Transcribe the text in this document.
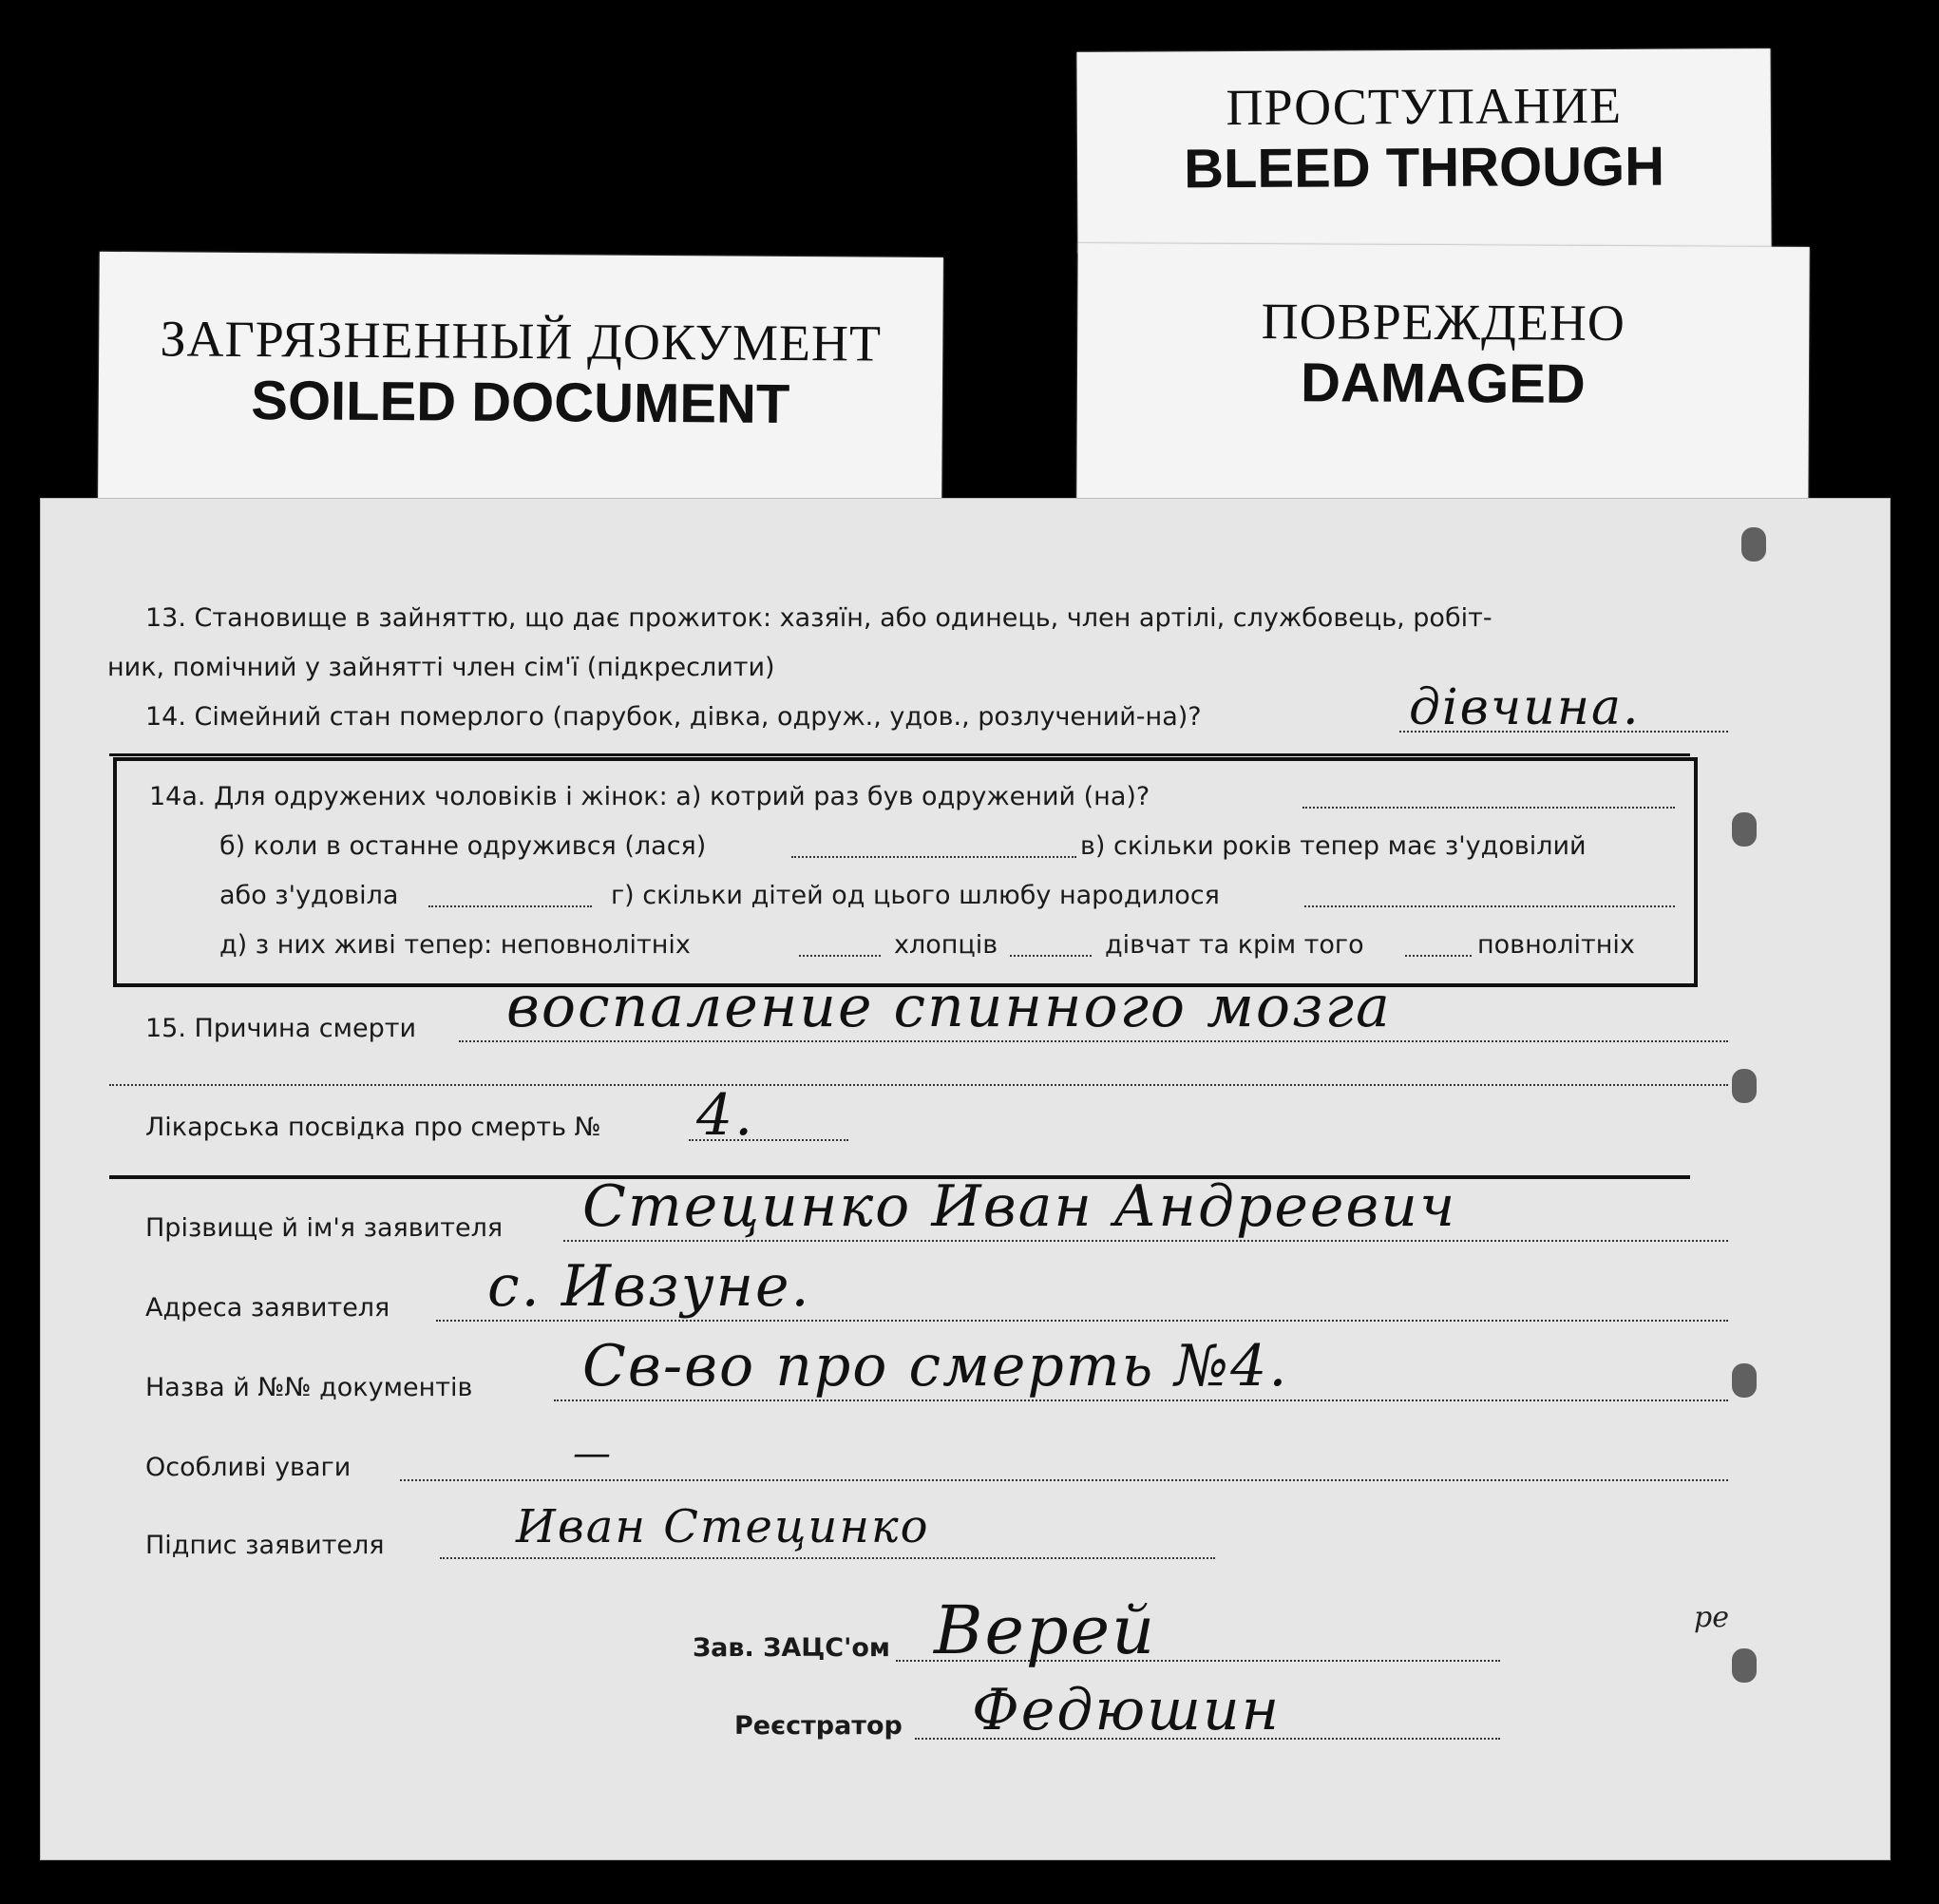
ЗАГРЯЗНЕННЫЙ ДОКУМЕНТ
SOILED DOCUMENT
ПРОСТУПАНИЕ
BLEED THROUGH
ПОВРЕЖДЕНО
DAMAGED
13. Становище в зайняттю, що дає прожиток: хазяїн, або одинець, член артілі, службовець, робіт-
ник, помічний у зайнятті член сім'ї (підкреслити)
14. Сімейний стан померлого (парубок, дівка, одруж., удов., розлучений-на)?	дівчина.
14а. Для одружених чоловіків і жінок: а) котрий раз був одружений (на)?
б) коли в останне одружився (лася)	в) скільки років тепер має з'удовілий
або з'удовіла	г) скільки дітей од цього шлюбу народилося
д) з них живі тепер: неповнолітніх	хлопців	дівчат та крім того	повнолітніх
15. Причина смерти воспаление спинного мозга
Лікарська посвідка про смерть № 4.
Прізвище й ім'я заявителя Стецинко Иван Андреевич
Адреса заявителя с. Ивзуне.
Назва й №№ документів Св-во про смерть №4.
Особливі уваги	—
Підпис заявителя	Иван Стецинко
Зав. ЗАЦС'ом Верей
Реєстратор Федюшин
ре
